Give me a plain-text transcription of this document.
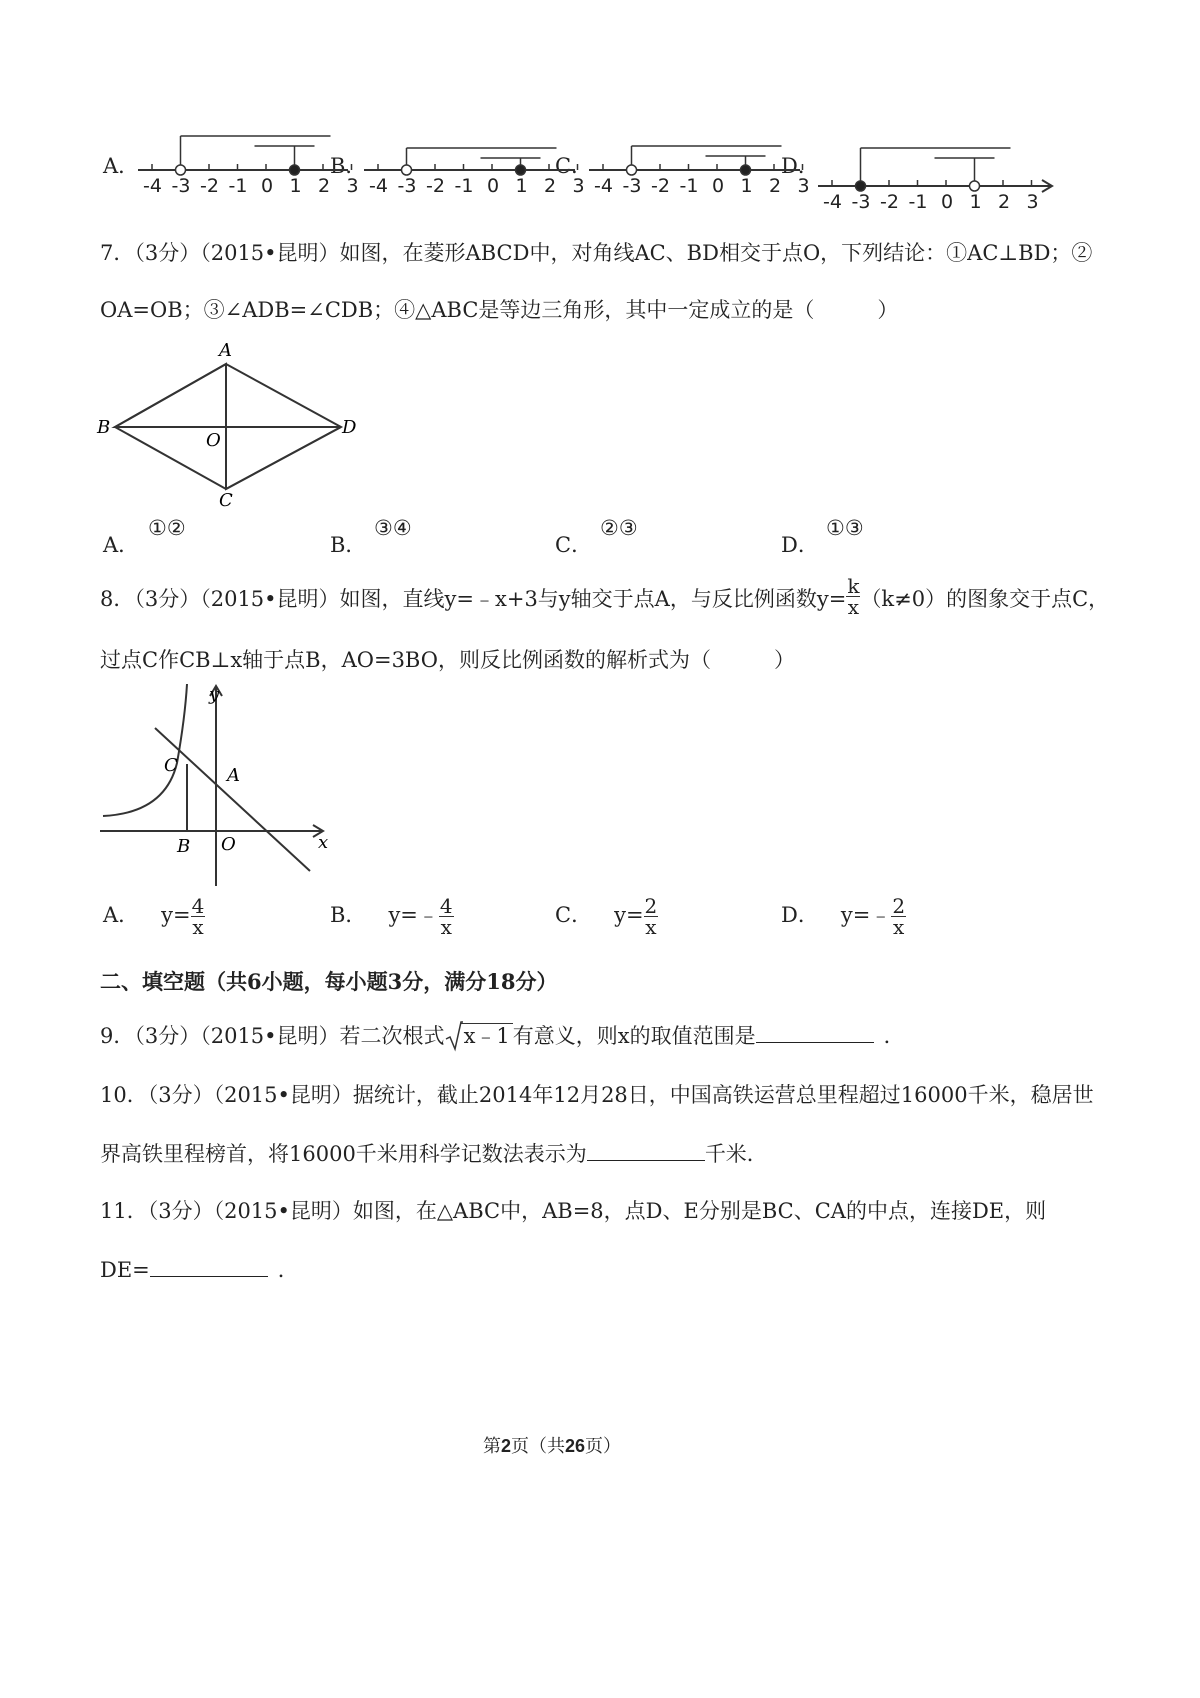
A．	B．	C．	D．
-4 -3 -2 -1 0 1 2 3 -4 -3 -2 -1 0 1 2 3 -4 -3 -2 -1 0 1 2 3
-4 -3 -2 -1 0 1 2 3
7．（3分）（2015•昆明）如图，在菱形ABCD中，对角线AC、BD相交于点O，下列结论：①AC⊥BD；②
OA=OB；③∠ADB=∠CDB；④△ABC是等边三角形，其中一定成立的是（　　　）
A
B	D
C
O
A．
①②
B．
③④
C．
②③
D．
①③
8．（3分）（2015•昆明）如图，直线y=﹣x+3与y轴交于点A，与反比例函数$y= \frac{k}{x} (k\ne 0)$的图象交于点C，
过点C作CB⊥x轴于点B，AO=3BO，则反比例函数的解析式为（　　　）
y
x
C	A
B O
A． $y= \frac{4}{x}$	B． y=﹣ $\frac{4}{x}$	C． $y= \frac{2}{x}$	D． y=﹣ $\frac{2}{x}$
二、填空题（共6小题，每小题3分，满分18分）
9．（3分）（2015•昆明）若二次根式 x﹣1 有意义，则x的取值范围是	．
10．（3分）（2015•昆明）据统计，截止2014年12月28日，中国高铁运营总里程超过16000千米，稳居世
界高铁里程榜首，将16000千米用科学记数法表示为	千米．
11．（3分）（2015•昆明）如图，在△ABC中，AB=8，点D、E分别是BC、CA的中点，连接DE，则
DE=	．
第2页（共26页）
